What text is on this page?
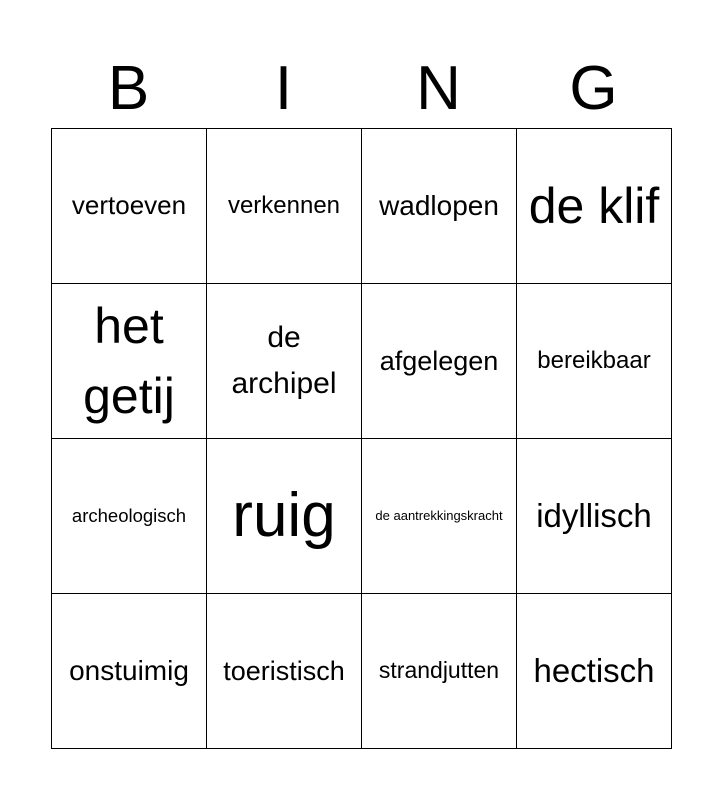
B	I	N	G
vertoeven	verkennen	wadlopen	de klif
het getij	de archipel	afgelegen	bereikbaar
archeologisch	ruig	de aantrekkingskracht	idyllisch
onstuimig	toeristisch	strandjutten	hectisch
